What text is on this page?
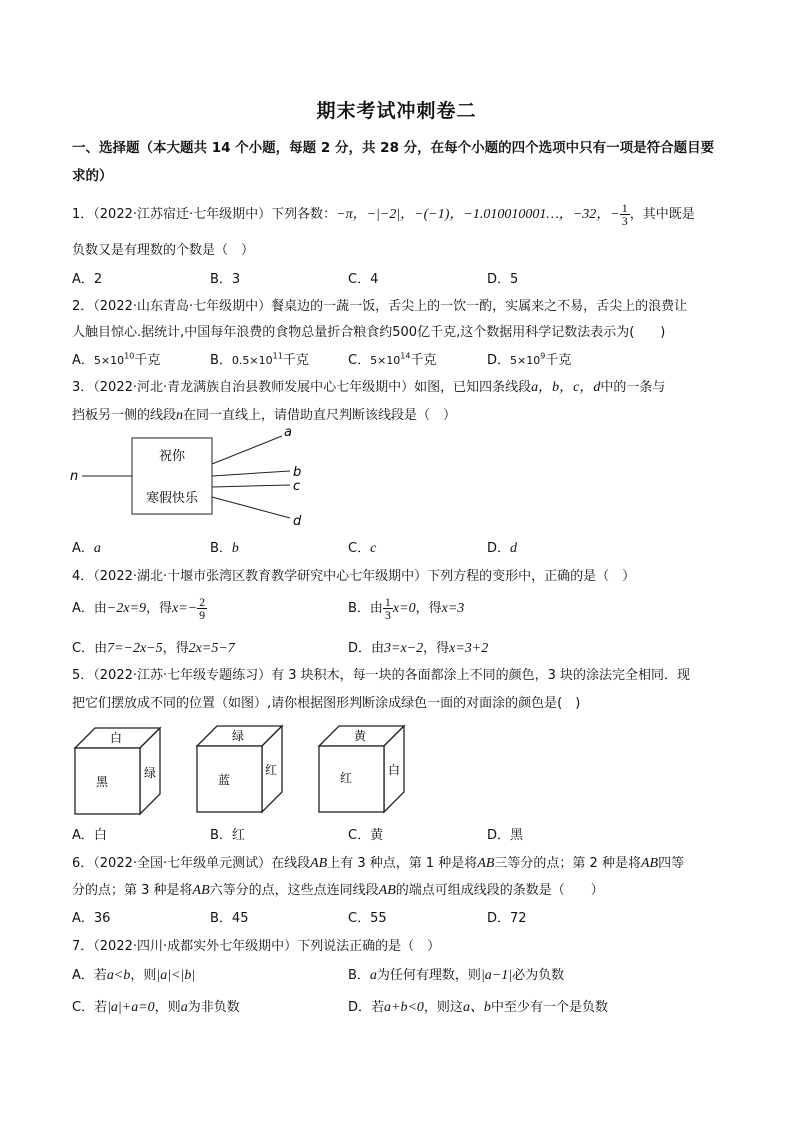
期末考试冲刺卷二
一、选择题（本大题共 14 个小题，每题 2 分，共 28 分，在每个小题的四个选项中只有一项是符合题目要
求的）
1．（2022·江苏宿迁·七年级期中）下列各数：−π，−|−2|，−(−1)，−1.010010001…，−32，− $\frac{1}{3}$ ，其中既是
负数又是有理数的个数是（　）
A．2	B．3	C．4	D．5
2．（2022·山东青岛·七年级期中）餐桌边的一蔬一饭，舌尖上的一饮一酌，实属来之不易，舌尖上的浪费让
人触目惊心.据统计,中国每年浪费的食物总量折合粮食约500亿千克,这个数据用科学记数法表示为(　　)
A．$5\times 10^{10}$千克	B．$0.5\times 10^{11}$千克	C．$5\times 10^{14}$千克	D．$5\times 10^9$千克
3．（2022·河北·青龙满族自治县教师发展中心七年级期中）如图，已知四条线段a，b，c，d中的一条与
挡板另一侧的线段n在同一直线上，请借助直尺判断该线段是（　）
祝你
寒假快乐
a
b
c
d
n
A．a	B．b	C．c	D．d
4．（2022·湖北·十堰市张湾区教育教学研究中心七年级期中）下列方程的变形中，正确的是（　）
A．由−2x=9，得$x=- \frac{2}{9}$	B．由 $\frac{1}{3} x=0$，得x=3
C．由7=−2x−5，得2x=5−7	D．由3=x−2，得x=3+2
5．（2022·江苏·七年级专题练习）有 3 块积木，每一块的各面都涂上不同的颜色，3 块的涂法完全相同．现
把它们摆放成不同的位置（如图）,请你根据图形判断涂成绿色一面的对面涂的颜色是(　)
白
黑
绿
绿
蓝
红
黄
红
白
A．白	B．红	C．黄	D．黑
6．（2022·全国·七年级单元测试）在线段AB上有 3 种点，第 1 种是将AB三等分的点；第 2 种是将AB四等
分的点；第 3 种是将AB六等分的点，这些点连同线段AB的端点可组成线段的条数是（　　）
A．36	B．45	C．55	D．72
7．（2022·四川·成都实外七年级期中）下列说法正确的是（　）
A．若a<b，则|a|<|b|	B．a为任何有理数，则|a−1|必为负数
C．若|a|+a=0，则a为非负数	D．若a+b<0，则这a、b中至少有一个是负数
